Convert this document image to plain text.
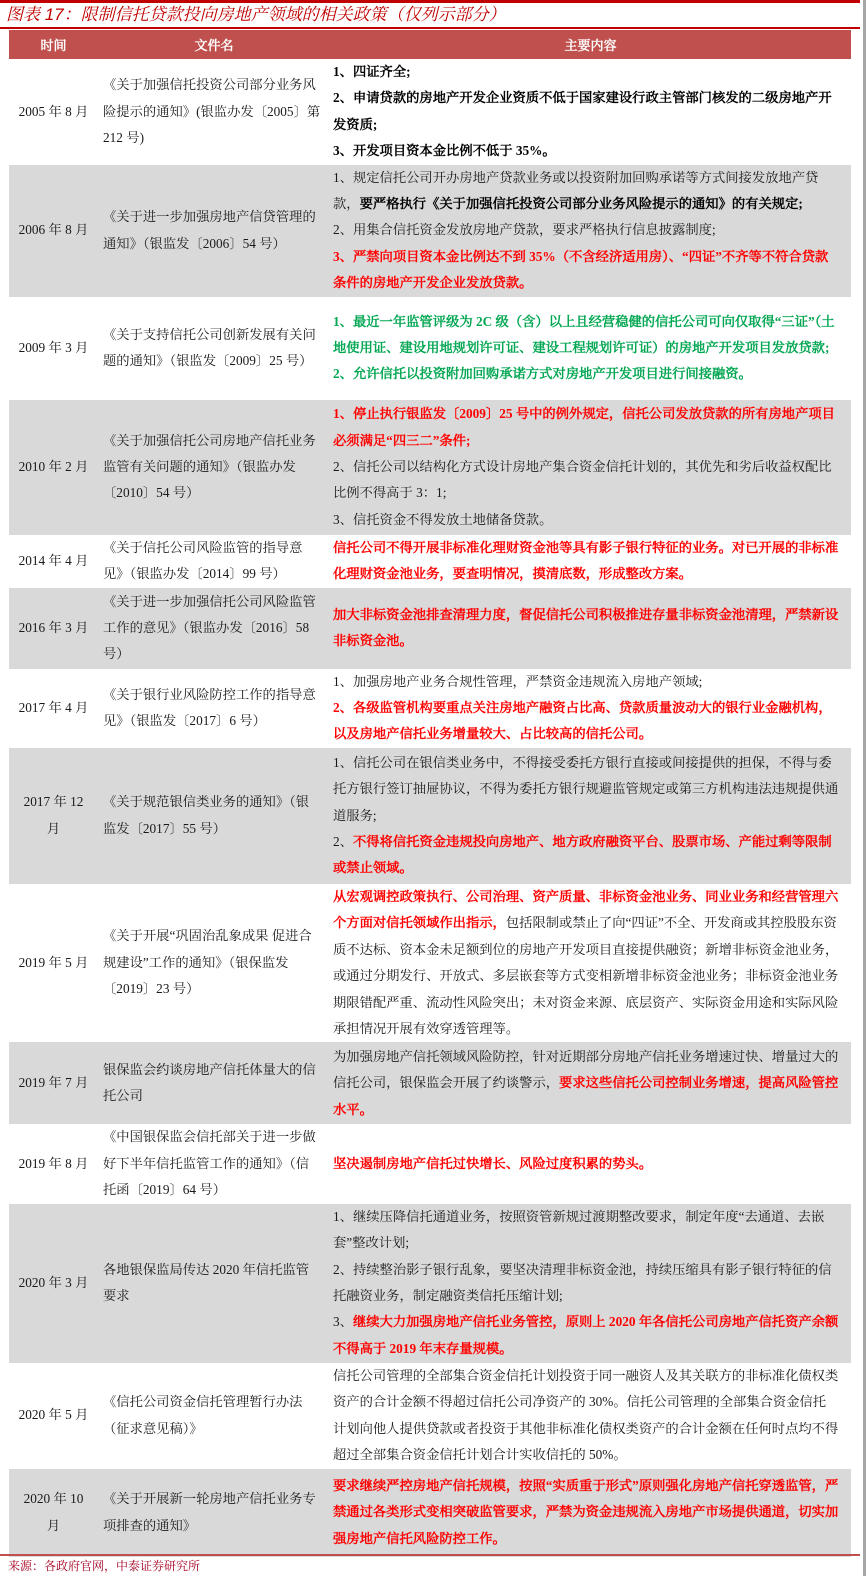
图表 17：限制信托贷款投向房地产领域的相关政策（仅列示部分）
时间	文件名	主要内容
2005 年 8 月	《关于加强信托投资公司部分业务风险提示的通知》(银监办发〔2005〕第 212 号)	1、四证齐全;
2、申请贷款的房地产开发企业资质不低于国家建设行政主管部门核发的二级房地产开发资质;
3、开发项目资本金比例不低于 35%。

2006 年 8 月	《关于进一步加强房地产信贷管理的通知》（银监发〔2006〕54 号）	1、规定信托公司开办房地产贷款业务或以投资附加回购承诺等方式间接发放地产贷款，要严格执行《关于加强信托投资公司部分业务风险提示的通知》的有关规定;
2、用集合信托资金发放房地产贷款，要求严格执行信息披露制度;
3、严禁向项目资本金比例达不到 35%（不含经济适用房）、“四证”不齐等不符合贷款条件的房地产开发企业发放贷款。

2009 年 3 月	《关于支持信托公司创新发展有关问题的通知》（银监发〔2009〕25 号）	1、最近一年监管评级为 2C 级（含）以上且经营稳健的信托公司可向仅取得“三证”（土地使用证、建设用地规划许可证、建设工程规划许可证）的房地产开发项目发放贷款;
2、允许信托以投资附加回购承诺方式对房地产开发项目进行间接融资。

2010 年 2 月	《关于加强信托公司房地产信托业务监管有关问题的通知》（银监办发〔2010〕54 号）	1、停止执行银监发〔2009〕25 号中的例外规定，信托公司发放贷款的所有房地产项目必须满足“四三二”条件;
2、信托公司以结构化方式设计房地产集合资金信托计划的，其优先和劣后收益权配比比例不得高于 3：1;
3、信托资金不得发放土地储备贷款。

2014 年 4 月	《关于信托公司风险监管的指导意见》（银监办发〔2014〕99 号）	信托公司不得开展非标准化理财资金池等具有影子银行特征的业务。对已开展的非标准化理财资金池业务，要查明情况，摸清底数，形成整改方案。

2016 年 3 月	《关于进一步加强信托公司风险监管工作的意见》（银监办发〔2016〕58 号）	加大非标资金池排查清理力度，督促信托公司积极推进存量非标资金池清理，严禁新设非标资金池。

2017 年 4 月	《关于银行业风险防控工作的指导意见》（银监发〔2017〕6 号）	1、加强房地产业务合规性管理，严禁资金违规流入房地产领域;
2、各级监管机构要重点关注房地产融资占比高、贷款质量波动大的银行业金融机构，以及房地产信托业务增量较大、占比较高的信托公司。

2017 年 12 月	《关于规范银信类业务的通知》（银监发〔2017〕55 号）	1、信托公司在银信类业务中，不得接受委托方银行直接或间接提供的担保，不得与委托方银行签订抽屉协议，不得为委托方银行规避监管规定或第三方机构违法违规提供通道服务;
2、不得将信托资金违规投向房地产、地方政府融资平台、股票市场、产能过剩等限制或禁止领域。

2019 年 5 月	《关于开展“巩固治乱象成果 促进合规建设”工作的通知》（银保监发〔2019〕23 号）	从宏观调控政策执行、公司治理、资产质量、非标资金池业务、同业业务和经营管理六个方面对信托领域作出指示，包括限制或禁止了向“四证”不全、开发商或其控股股东资质不达标、资本金未足额到位的房地产开发项目直接提供融资；新增非标资金池业务，或通过分期发行、开放式、多层嵌套等方式变相新增非标资金池业务；非标资金池业务期限错配严重、流动性风险突出；未对资金来源、底层资产、实际资金用途和实际风险承担情况开展有效穿透管理等。

2019 年 7 月	银保监会约谈房地产信托体量大的信托公司	为加强房地产信托领域风险防控，针对近期部分房地产信托业务增速过快、增量过大的信托公司，银保监会开展了约谈警示，要求这些信托公司控制业务增速，提高风险管控水平。

2019 年 8 月	《中国银保监会信托部关于进一步做好下半年信托监管工作的通知》（信托函〔2019〕64 号）	坚决遏制房地产信托过快增长、风险过度积累的势头。

2020 年 3 月	各地银保监局传达 2020 年信托监管要求	1、继续压降信托通道业务，按照资管新规过渡期整改要求，制定年度“去通道、去嵌套”整改计划;
2、持续整治影子银行乱象，要坚决清理非标资金池，持续压缩具有影子银行特征的信托融资业务，制定融资类信托压缩计划;
3、继续大力加强房地产信托业务管控，原则上 2020 年各信托公司房地产信托资产余额不得高于 2019 年末存量规模。

2020 年 5 月	《信托公司资金信托管理暂行办法（征求意见稿）》	信托公司管理的全部集合资金信托计划投资于同一融资人及其关联方的非标准化债权类资产的合计金额不得超过信托公司净资产的 30%。信托公司管理的全部集合资金信托计划向他人提供贷款或者投资于其他非标准化债权类资产的合计金额在任何时点均不得超过全部集合资金信托计划合计实收信托的 50%。

2020 年 10 月	《关于开展新一轮房地产信托业务专项排查的通知》	要求继续严控房地产信托规模，按照“实质重于形式”原则强化房地产信托穿透监管，严禁通过各类形式变相突破监管要求，严禁为资金违规流入房地产市场提供通道，切实加强房地产信托风险防控工作。
来源：各政府官网，中泰证券研究所
